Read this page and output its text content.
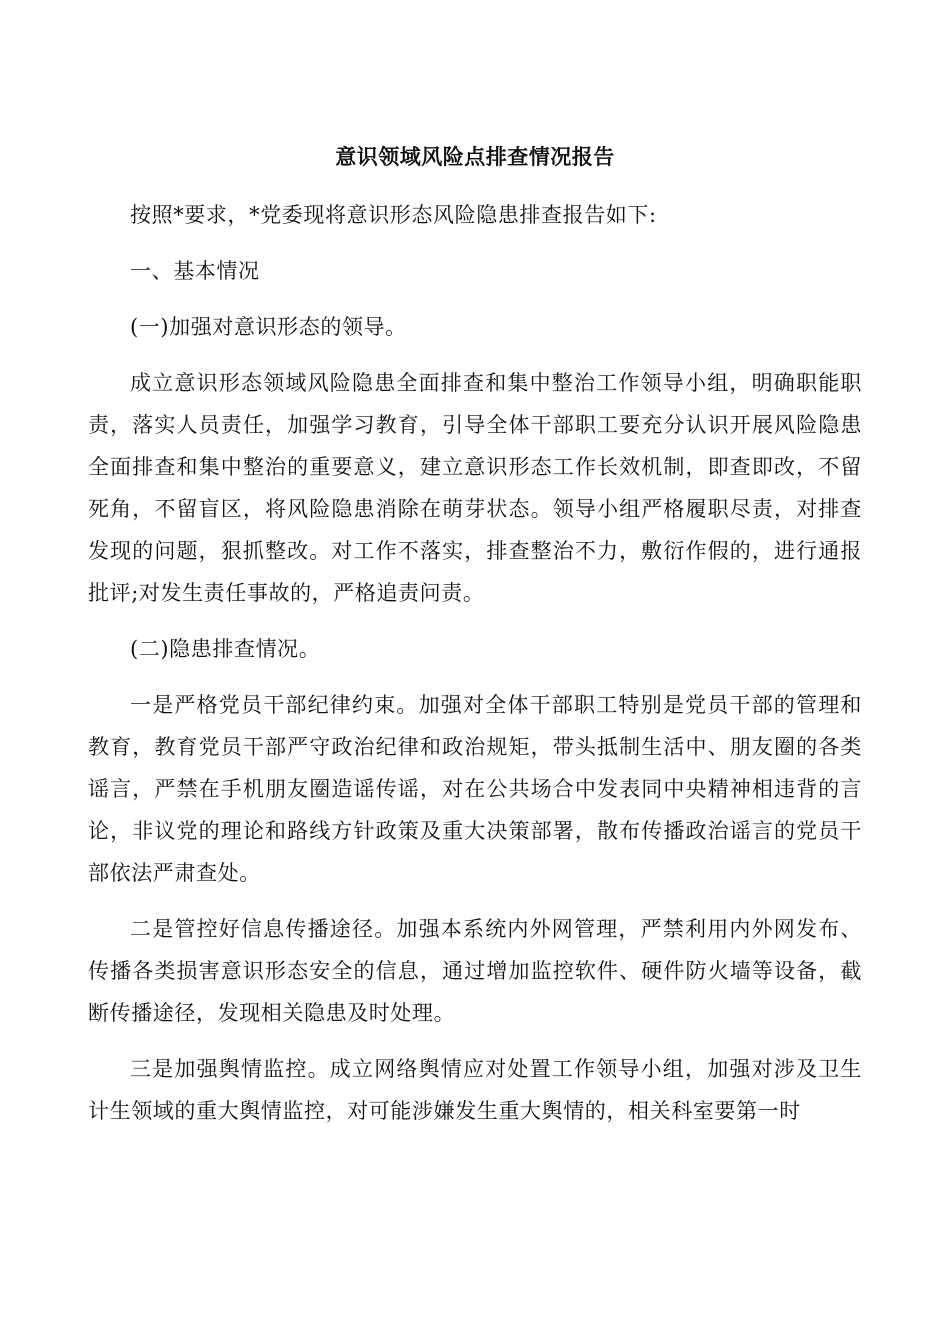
意识领域风险点排查情况报告

按照*要求，*党委现将意识形态风险隐患排查报告如下:

一、基本情况

(一)加强对意识形态的领导。

成立意识形态领域风险隐患全面排查和集中整治工作领导小组，明确职能职责，落实人员责任，加强学习教育，引导全体干部职工要充分认识开展风险隐患全面排查和集中整治的重要意义，建立意识形态工作长效机制，即查即改，不留死角，不留盲区，将风险隐患消除在萌芽状态。领导小组严格履职尽责，对排查发现的问题，狠抓整改。对工作不落实，排查整治不力，敷衍作假的，进行通报批评;对发生责任事故的，严格追责问责。

(二)隐患排查情况。

一是严格党员干部纪律约束。加强对全体干部职工特别是党员干部的管理和教育，教育党员干部严守政治纪律和政治规矩，带头抵制生活中、朋友圈的各类谣言，严禁在手机朋友圈造谣传谣，对在公共场合中发表同中央精神相违背的言论，非议党的理论和路线方针政策及重大决策部署，散布传播政治谣言的党员干部依法严肃查处。

二是管控好信息传播途径。加强本系统内外网管理，严禁利用内外网发布、传播各类损害意识形态安全的信息，通过增加监控软件、硬件防火墙等设备，截断传播途径，发现相关隐患及时处理。

三是加强舆情监控。成立网络舆情应对处置工作领导小组，加强对涉及卫生计生领域的重大舆情监控，对可能涉嫌发生重大舆情的，相关科室要第一时
